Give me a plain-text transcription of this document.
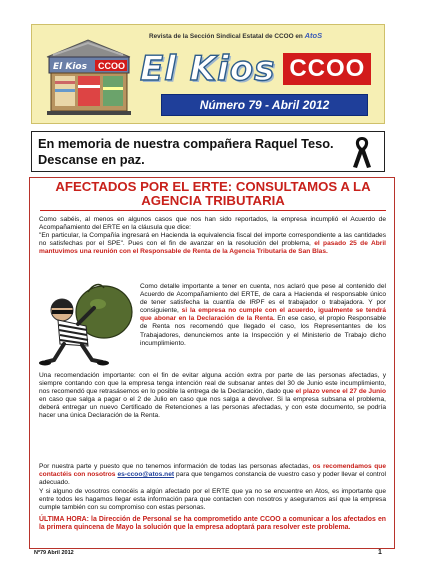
El Kios CCOO
Revista de la Sección Sindical Estatal de CCOO en AtoS
El Kios CCOO
Número 79 - Abril 2012
En memoria de nuestra compañera Raquel Teso.
Descanse en paz.
AFECTADOS POR EL ERTE: CONSULTAMOS A LA AGENCIA TRIBUTARIA
Como sabéis, al menos en algunos casos que nos han sido reportados, la empresa incumplió el Acuerdo de Acompañamiento del ERTE en la cláusula que dice:
"En particular, la Compañía ingresará en Hacienda la equivalencia fiscal del importe correspondiente a las cantidades no satisfechas por el SPE". Pues con el fin de avanzar en la resolución del problema, el pasado 25 de Abril mantuvimos una reunión con el Responsable de Renta de la Agencia Tributaria de San Blas.
Como detalle importante a tener en cuenta, nos aclaró que pese al contenido del Acuerdo de Acompañamiento del ERTE, de cara a Hacienda el responsable único de tener satisfecha la cuantía de IRPF es el trabajador o trabajadora. Y por consiguiente, si la empresa no cumple con el acuerdo, igualmente se tendrá que abonar en la Declaración de la Renta. En ese caso, el propio Responsable de Renta nos recomendó que llegado el caso, los Representantes de los Trabajadores, denunciemos ante la Inspección y el Ministerio de Trabajo dicho incumplimiento.
Una recomendación importante: con el fin de evitar alguna acción extra por parte de las personas afectadas, y siempre contando con que la empresa tenga intención real de subsanar antes del 30 de Junio este incumplimiento, nos recomendó que retrasásemos en lo posible la entrega de la Declaración, dado que el plazo vence el 27 de Junio en caso que salga a pagar o el 2 de Julio en caso que nos salga a devolver. Si la empresa subsana el problema, deberá entregar un nuevo Certificado de Retenciones a las personas afectadas, y con este documento, se podría hacer una única Declaración de la Renta.
Por nuestra parte y puesto que no tenemos información de todas las personas afectadas, os recomendamos que contactéis con nosotros es-ccoo@atos.net para que tengamos constancia de vuestro caso y poder llevar el control adecuado.
Y si alguno de vosotros conocéis a algún afectado por el ERTE que ya no se encuentre en Atos, es importante que entre todos les hagamos llegar esta información para que contacten con nosotros y aseguramos así que la empresa cumple también con su compromiso con estas personas.
ÚLTIMA HORA: la Dirección de Personal se ha comprometido ante CCOO a comunicar a los afectados en la primera quincena de Mayo la solución que la empresa adoptará para resolver este problema.
Nº79 Abril 2012	1
